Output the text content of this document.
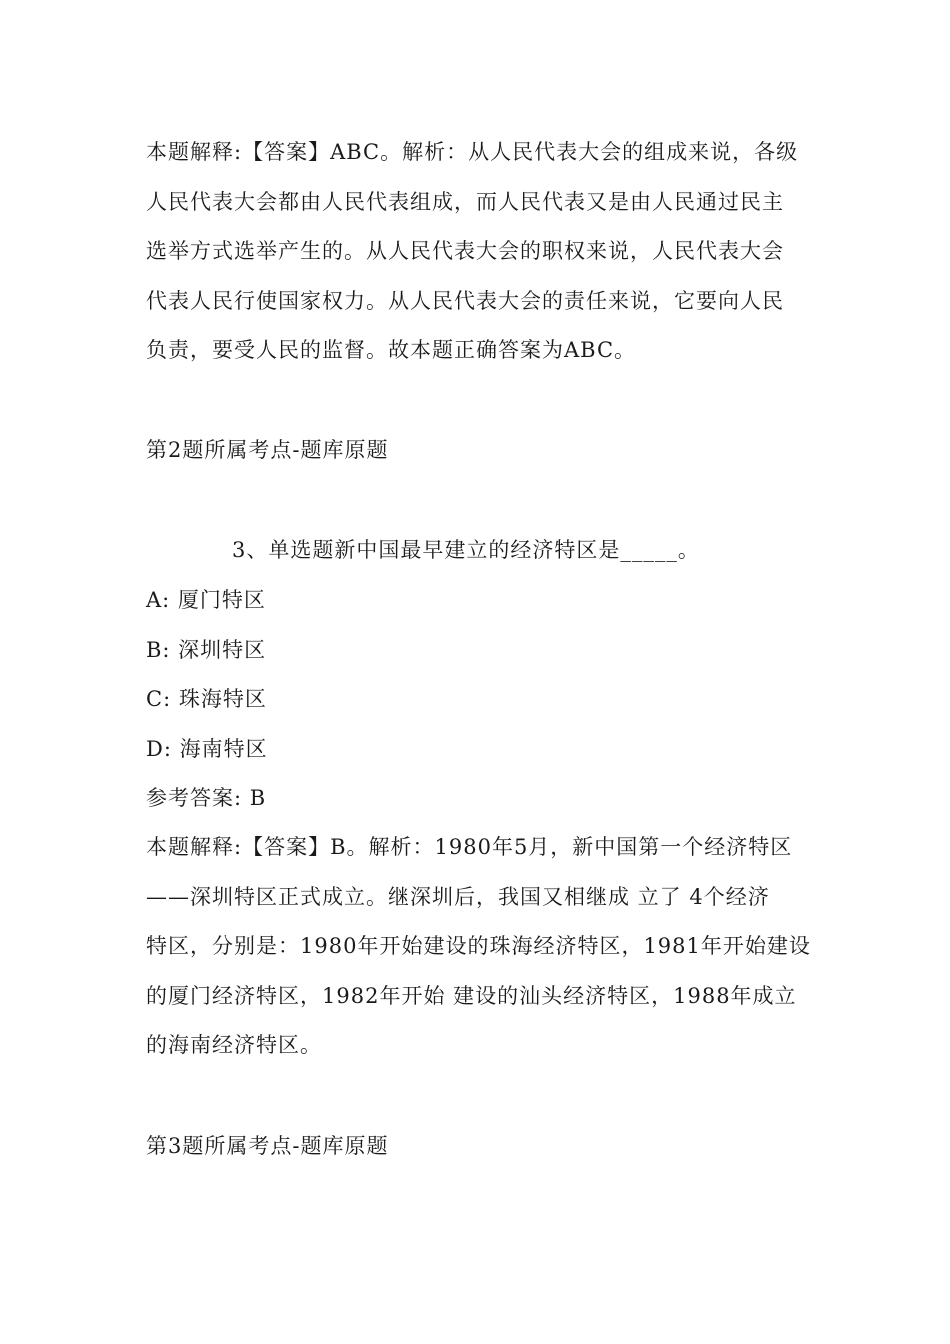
本题解释:【答案】ABC。解析：从人民代表大会的组成来说，各级
人民代表大会都由人民代表组成，而人民代表又是由人民通过民主
选举方式选举产生的。从人民代表大会的职权来说，人民代表大会
代表人民行使国家权力。从人民代表大会的责任来说，它要向人民
负责，要受人民的监督。故本题正确答案为ABC。
第2题所属考点-题库原题
3、单选题新中国最早建立的经济特区是_____。
A: 厦门特区
B: 深圳特区
C: 珠海特区
D: 海南特区
参考答案: B
本题解释:【答案】B。解析：1980年5月，新中国第一个经济特区
——深圳特区正式成立。继深圳后，我国又相继成 立了 4个经济
特区，分别是：1980年开始建设的珠海经济特区，1981年开始建设
的厦门经济特区，1982年开始 建设的汕头经济特区，1988年成立
的海南经济特区。
第3题所属考点-题库原题
